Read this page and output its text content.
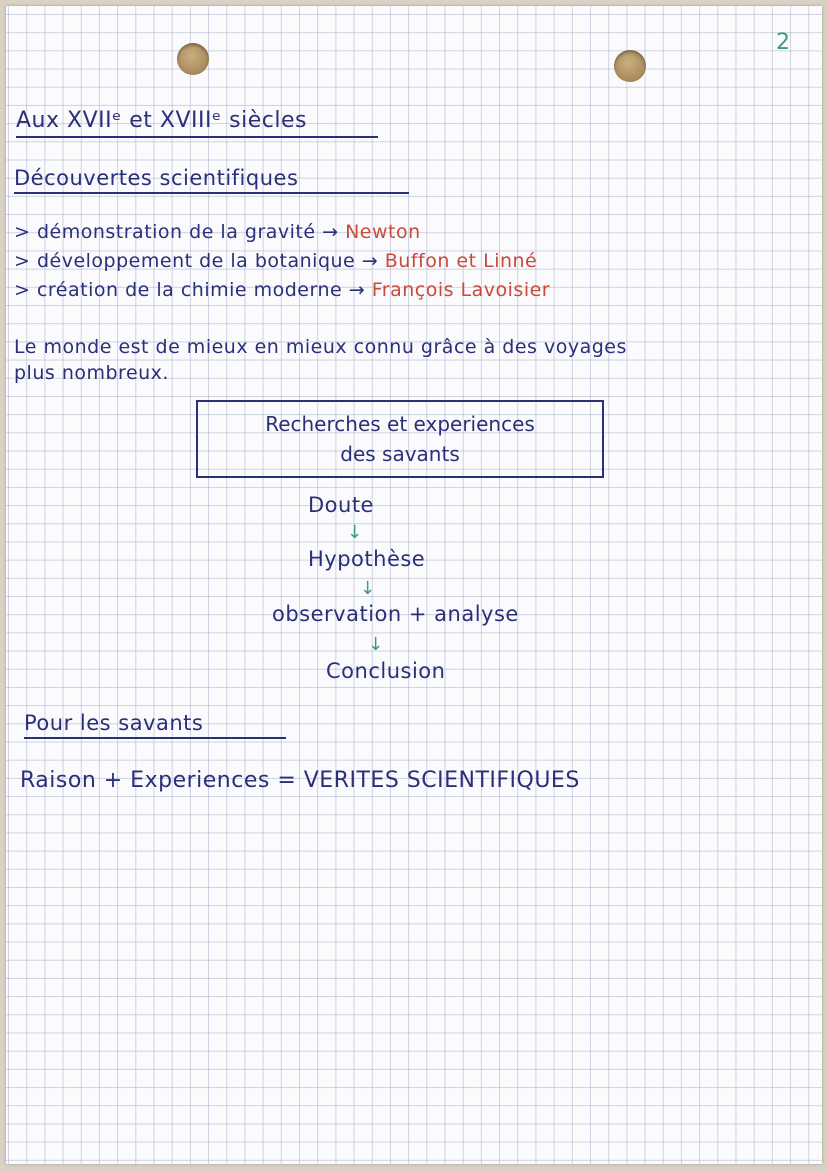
2
Aux XVIIᵉ et XVIIIᵉ siècles
Découvertes scientifiques
> démonstration de la gravité → Newton
> développement de la botanique → Buffon et Linné
> création de la chimie moderne → François Lavoisier
Le monde est de mieux en mieux connu grâce à des voyages
plus nombreux.
Recherches et experiences
des savants
Doute
↓
Hypothèse
↓
observation + analyse
↓
Conclusion
Pour les savants
Raison + Experiences = VERITES SCIENTIFIQUES
